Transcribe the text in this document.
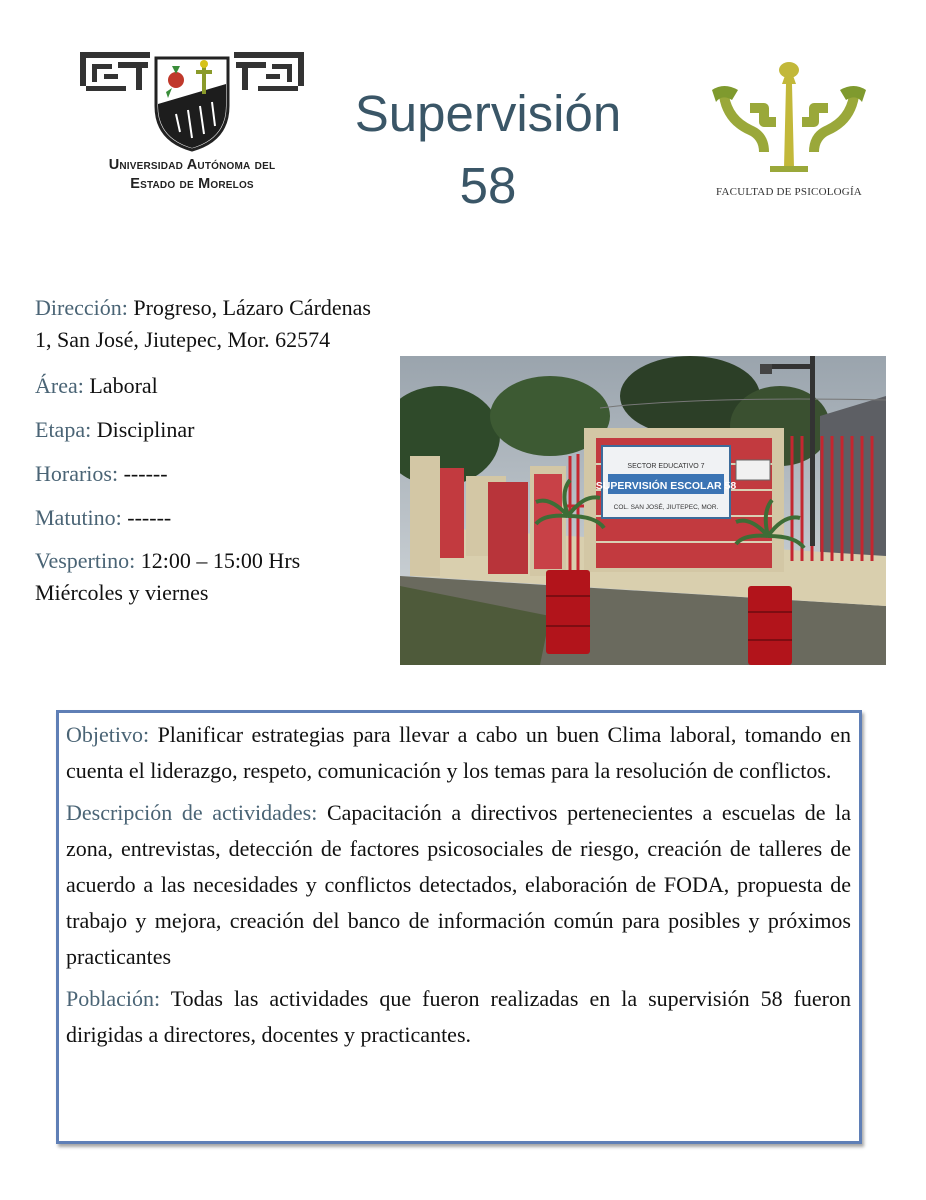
Universidad Autónoma del
Estado de Morelos
Supervisión
58	FACULTAD DE PSICOLOGÍA
Dirección: Progreso, Lázaro Cárdenas
1, San José, Jiutepec, Mor. 62574
Área: Laboral
Etapa: Disciplinar
Horarios: ------
Matutino: ------
Vespertino: 12:00 – 15:00 Hrs
Miércoles y viernes
SECTOR EDUCATIVO 7
SUPERVISIÓN ESCOLAR 58
COL. SAN JOSÉ, JIUTEPEC, MOR.

Objetivo: Planificar estrategias para llevar a cabo un buen Clima laboral, tomando en cuenta el liderazgo, respeto, comunicación y los temas para la resolución de conflictos.

Descripción de actividades: Capacitación a directivos pertenecientes a escuelas de la zona, entrevistas, detección de factores psicosociales de riesgo, creación de talleres de acuerdo a las necesidades y conflictos detectados, elaboración de FODA, propuesta de trabajo y mejora, creación del banco de información común para posibles y próximos practicantes

Población: Todas las actividades que fueron realizadas en la supervisión 58 fueron dirigidas a directores, docentes y practicantes.
